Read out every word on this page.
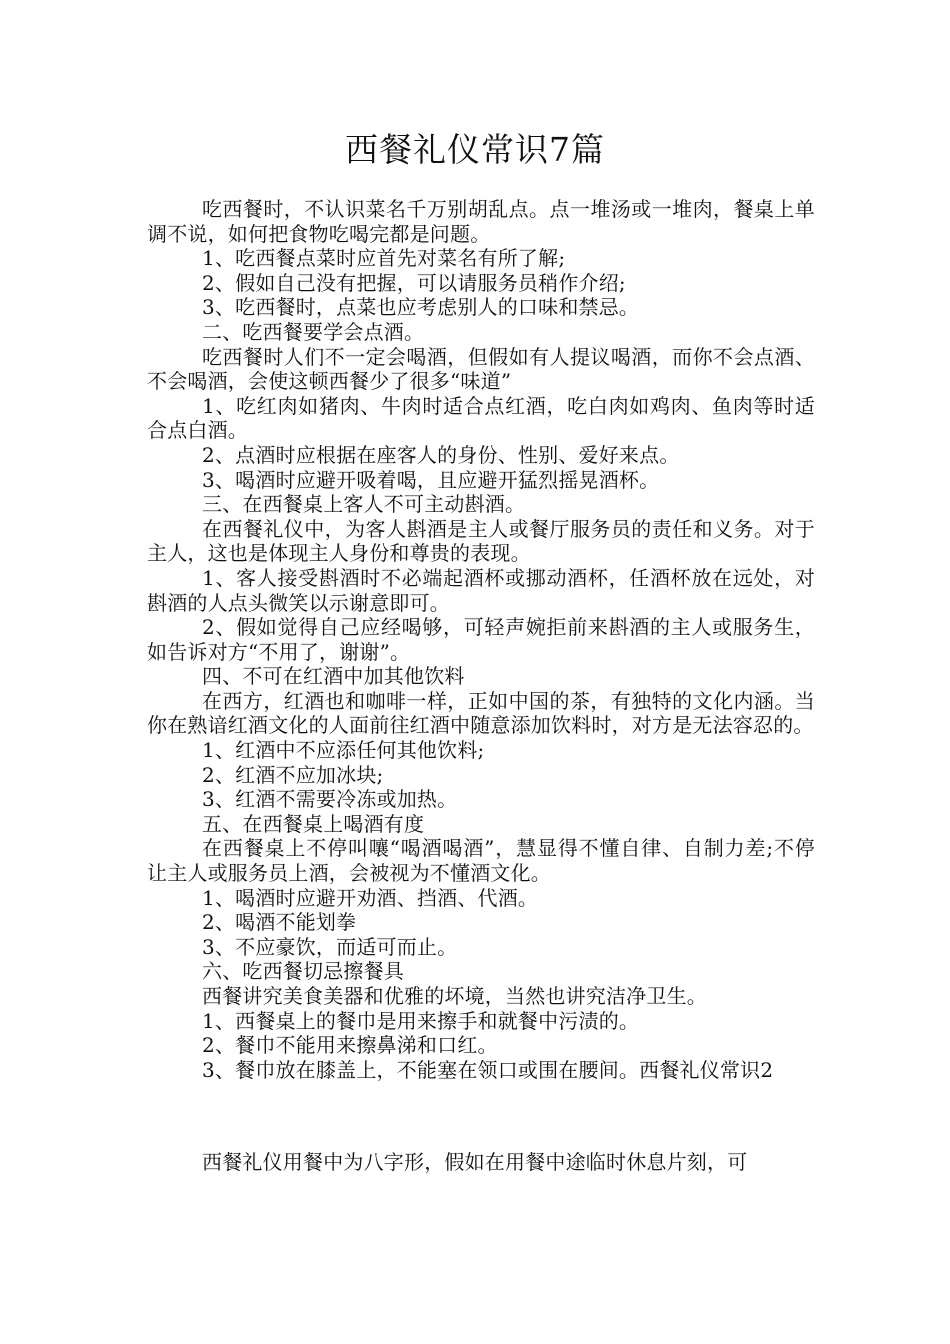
西餐礼仪常识7篇

吃西餐时，不认识菜名千万别胡乱点。点一堆汤或一堆肉，餐桌上单调不说，如何把食物吃喝完都是问题。

1、吃西餐点菜时应首先对菜名有所了解;

2、假如自己没有把握，可以请服务员稍作介绍;

3、吃西餐时，点菜也应考虑别人的口味和禁忌。

二、吃西餐要学会点酒。

吃西餐时人们不一定会喝酒，但假如有人提议喝酒，而你不会点酒、不会喝酒，会使这顿西餐少了很多“味道”

1、吃红肉如猪肉、牛肉时适合点红酒，吃白肉如鸡肉、鱼肉等时适合点白酒。

2、点酒时应根据在座客人的身份、性别、爱好来点。

3、喝酒时应避开吸着喝，且应避开猛烈摇晃酒杯。

三、在西餐桌上客人不可主动斟酒。

在西餐礼仪中，为客人斟酒是主人或餐厅服务员的责任和义务。对于主人，这也是体现主人身份和尊贵的表现。

1、客人接受斟酒时不必端起酒杯或挪动酒杯，任酒杯放在远处，对斟酒的人点头微笑以示谢意即可。

2、假如觉得自己应经喝够，可轻声婉拒前来斟酒的主人或服务生，如告诉对方“不用了，谢谢”。

四、不可在红酒中加其他饮料

在西方，红酒也和咖啡一样，正如中国的茶，有独特的文化内涵。当你在熟谙红酒文化的人面前往红酒中随意添加饮料时，对方是无法容忍的。

1、红酒中不应添任何其他饮料;

2、红酒不应加冰块;

3、红酒不需要冷冻或加热。

五、在西餐桌上喝酒有度

在西餐桌上不停叫嚷“喝酒喝酒”，慧显得不懂自律、自制力差;不停让主人或服务员上酒，会被视为不懂酒文化。

1、喝酒时应避开劝酒、挡酒、代酒。

2、喝酒不能划拳

3、不应豪饮，而适可而止。

六、吃西餐切忌擦餐具

西餐讲究美食美器和优雅的坏境，当然也讲究洁净卫生。

1、西餐桌上的餐巾是用来擦手和就餐中污渍的。

2、餐巾不能用来擦鼻涕和口红。

3、餐巾放在膝盖上，不能塞在领口或围在腰间。西餐礼仪常识2

西餐礼仪用餐中为八字形，假如在用餐中途临时休息片刻，可
